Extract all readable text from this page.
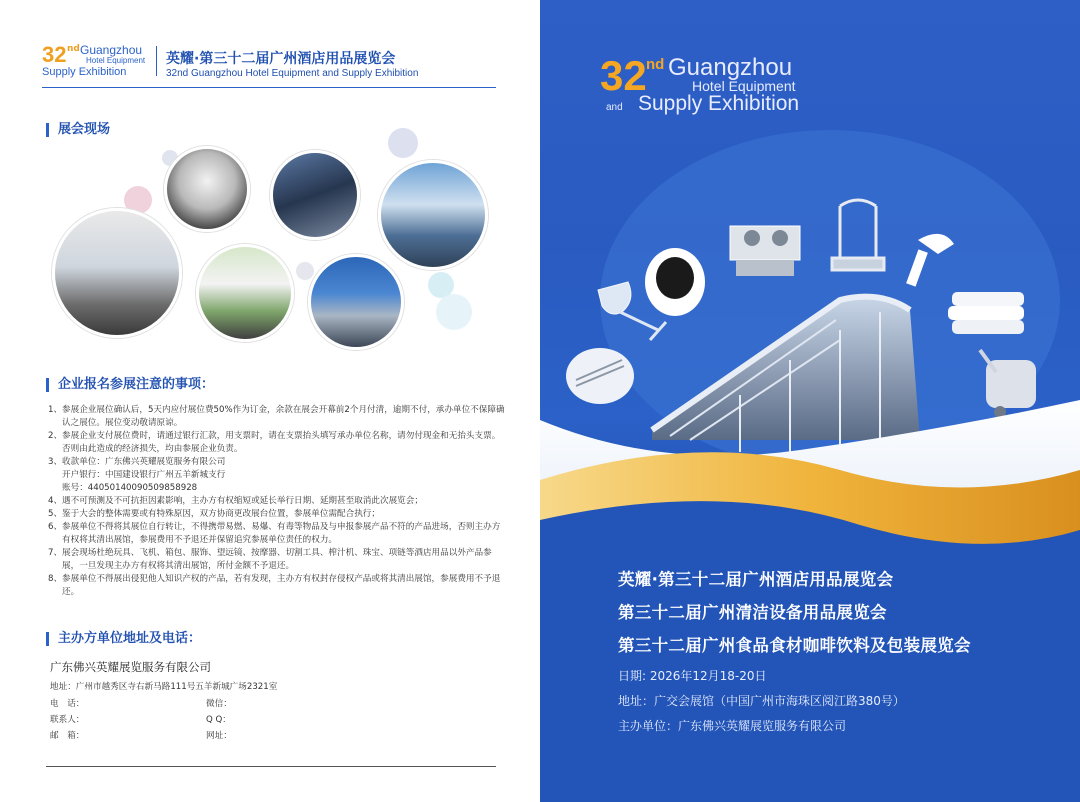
32 nd Guangzhou
Hotel Equipment
Supply Exhibition
英耀·第三十二届广州酒店用品展览会
32nd Guangzhou Hotel Equipment and Supply Exhibition
展会现场
企业报名参展注意的事项：
1、 参展企业展位确认后，5天内应付展位费50%作为订金，余款在展会开幕前2个月付清，逾期不付，承办单位不保障确认之展位。展位变动敬请原谅。
2、 参展企业支付展位费时，请通过银行汇款，用支票时，请在支票抬头填写承办单位名称，请勿付现金和无抬头支票。否则由此造成的经济损失，均由参展企业负责。
3、 收款单位：广东佛兴英耀展览服务有限公司
开户银行：中国建设银行广州五羊新城支行
账号：44050140090509858928
4、 遇不可预测及不可抗拒因素影响，主办方有权缩短或延长举行日期、延期甚至取消此次展览会；
5、 鉴于大会的整体需要或有特殊原因，双方协商更改展台位置，参展单位需配合执行；
6、 参展单位不得将其展位自行转让，不得携带易燃、易爆、有毒等物品及与申报参展产品不符的产品进场，否则主办方有权将其清出展馆，参展费用不予退还并保留追究参展单位责任的权力。
7、 展会现场杜绝玩具、飞机、箱包、服饰、望远镜、按摩器、切割工具、榨汁机、珠宝、项链等酒店用品以外产品参展，一旦发现主办方有权将其清出展馆，所付金额不予退还。
8、 参展单位不得展出侵犯他人知识产权的产品，若有发现，主办方有权封存侵权产品或将其清出展馆，参展费用不予退还。
主办方单位地址及电话：
广东佛兴英耀展览服务有限公司
地址：广州市越秀区寺右新马路111号五羊新城广场2321室
电　话：	微信：
联系人：	Q Q：
邮　箱：	网址：
32 nd Guangzhou
Hotel Equipment
and Supply Exhibition
英耀·第三十二届广州酒店用品展览会
第三十二届广州清洁设备用品展览会
第三十二届广州食品食材咖啡饮料及包装展览会
日期: 2026年12月18-20日
地址：广交会展馆（中国广州市海珠区阅江路380号）
主办单位：广东佛兴英耀展览服务有限公司
